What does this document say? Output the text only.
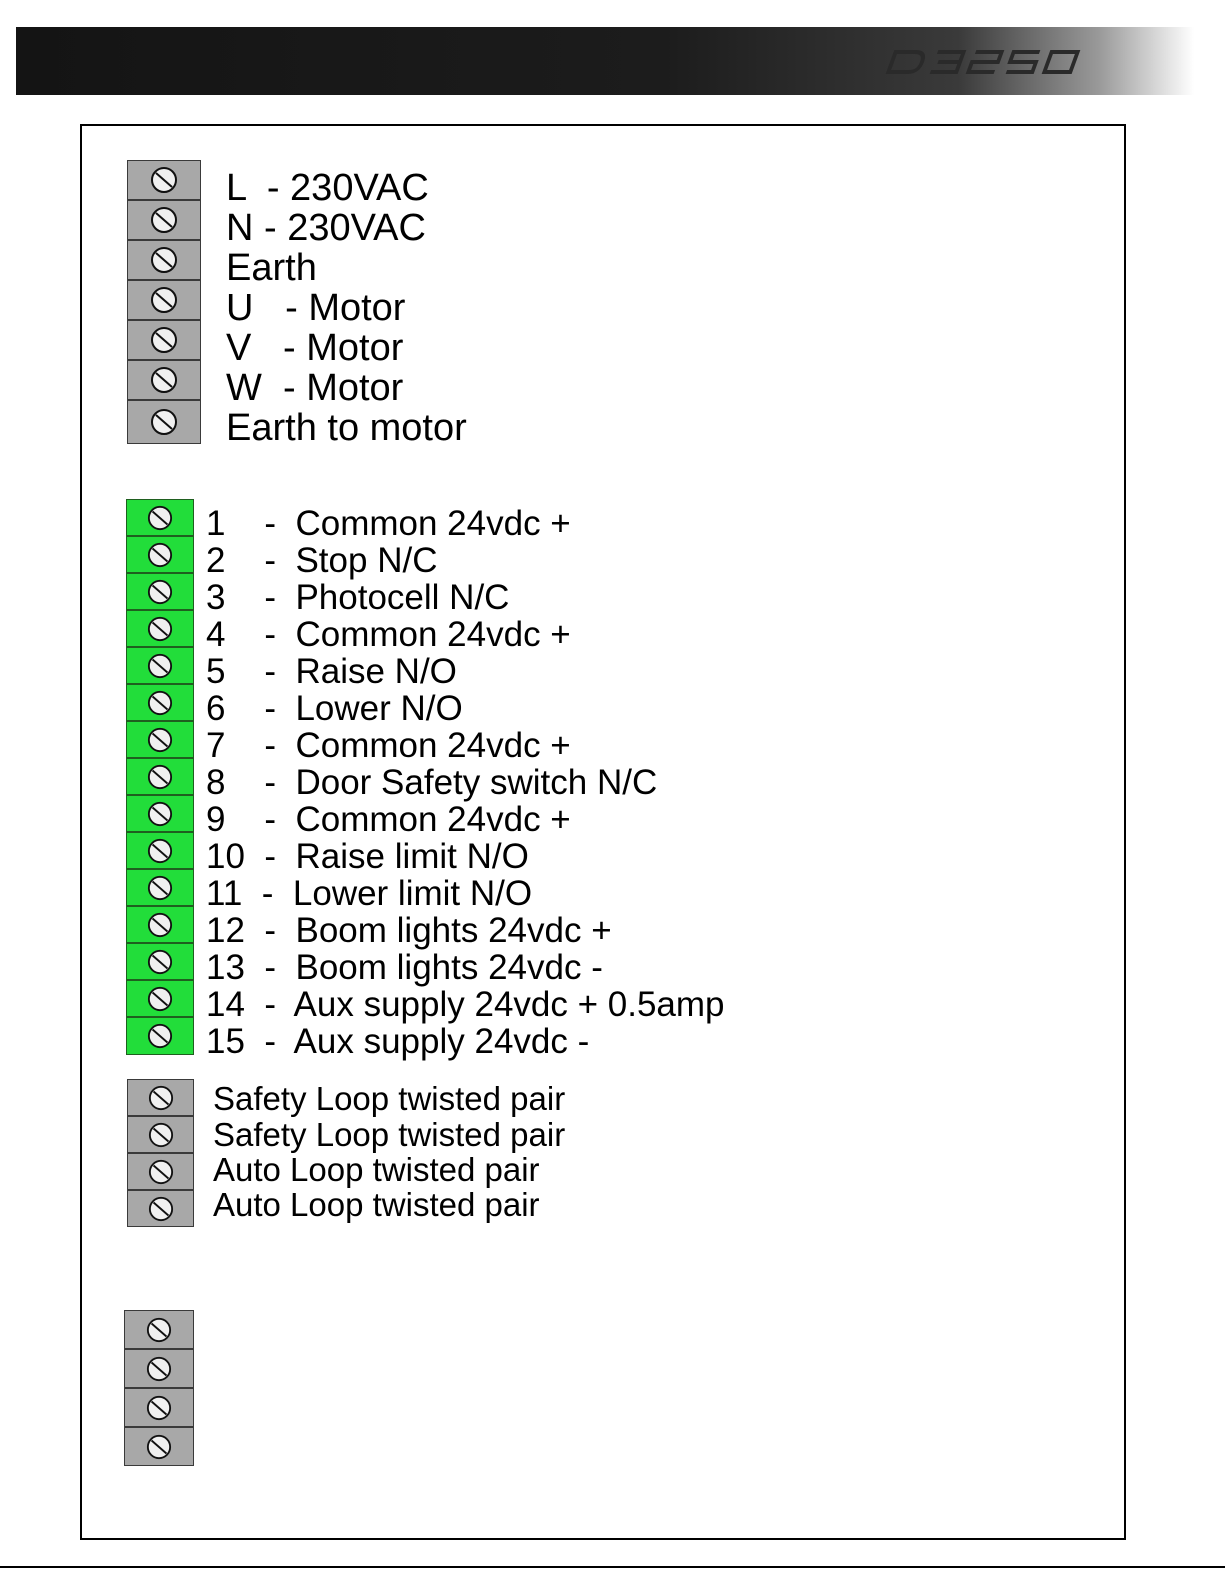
L  - 230VAC
N - 230VAC
Earth
U   - Motor
V   - Motor
W  - Motor
Earth to motor
1    -  Common 24vdc +
2    -  Stop N/C
3    -  Photocell N/C
4    -  Common 24vdc +
5    -  Raise N/O
6    -  Lower N/O
7    -  Common 24vdc +
8    -  Door Safety switch N/C
9    -  Common 24vdc +
10  -  Raise limit N/O
11  -  Lower limit N/O
12  -  Boom lights 24vdc +
13  -  Boom lights 24vdc -
14  -  Aux supply 24vdc + 0.5amp
15  -  Aux supply 24vdc -
Safety Loop twisted pair
Safety Loop twisted pair
Auto Loop twisted pair
Auto Loop twisted pair
